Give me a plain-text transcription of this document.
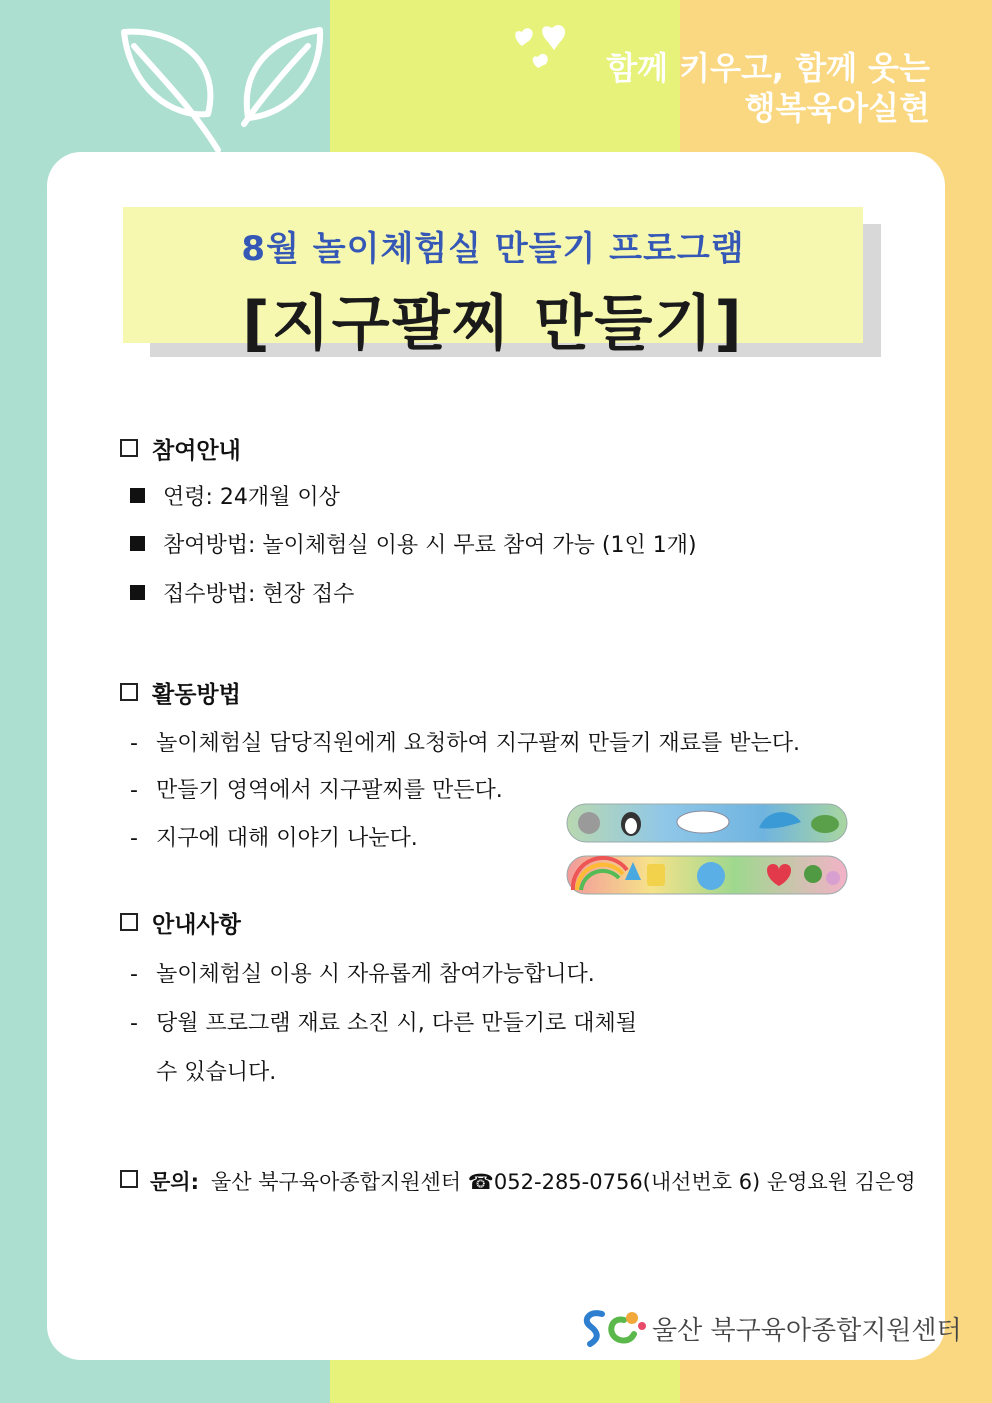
함께 키우고, 함께 웃는
행복육아실현
8월 놀이체험실 만들기 프로그램
[지구팔찌 만들기]
참여안내
연령: 24개월 이상
참여방법: 놀이체험실 이용 시 무료 참여 가능 (1인 1개)
접수방법: 현장 접수
활동방법
- 놀이체험실 담당직원에게 요청하여 지구팔찌 만들기 재료를 받는다.
- 만들기 영역에서 지구팔찌를 만든다.
- 지구에 대해 이야기 나눈다.
안내사항
- 놀이체험실 이용 시 자유롭게 참여가능합니다.
- 당월 프로그램 재료 소진 시, 다른 만들기로 대체될
수 있습니다.
문의: 울산 북구육아종합지원센터 ☎052-285-0756(내선번호 6) 운영요원 김은영
울산 북구육아종합지원센터
